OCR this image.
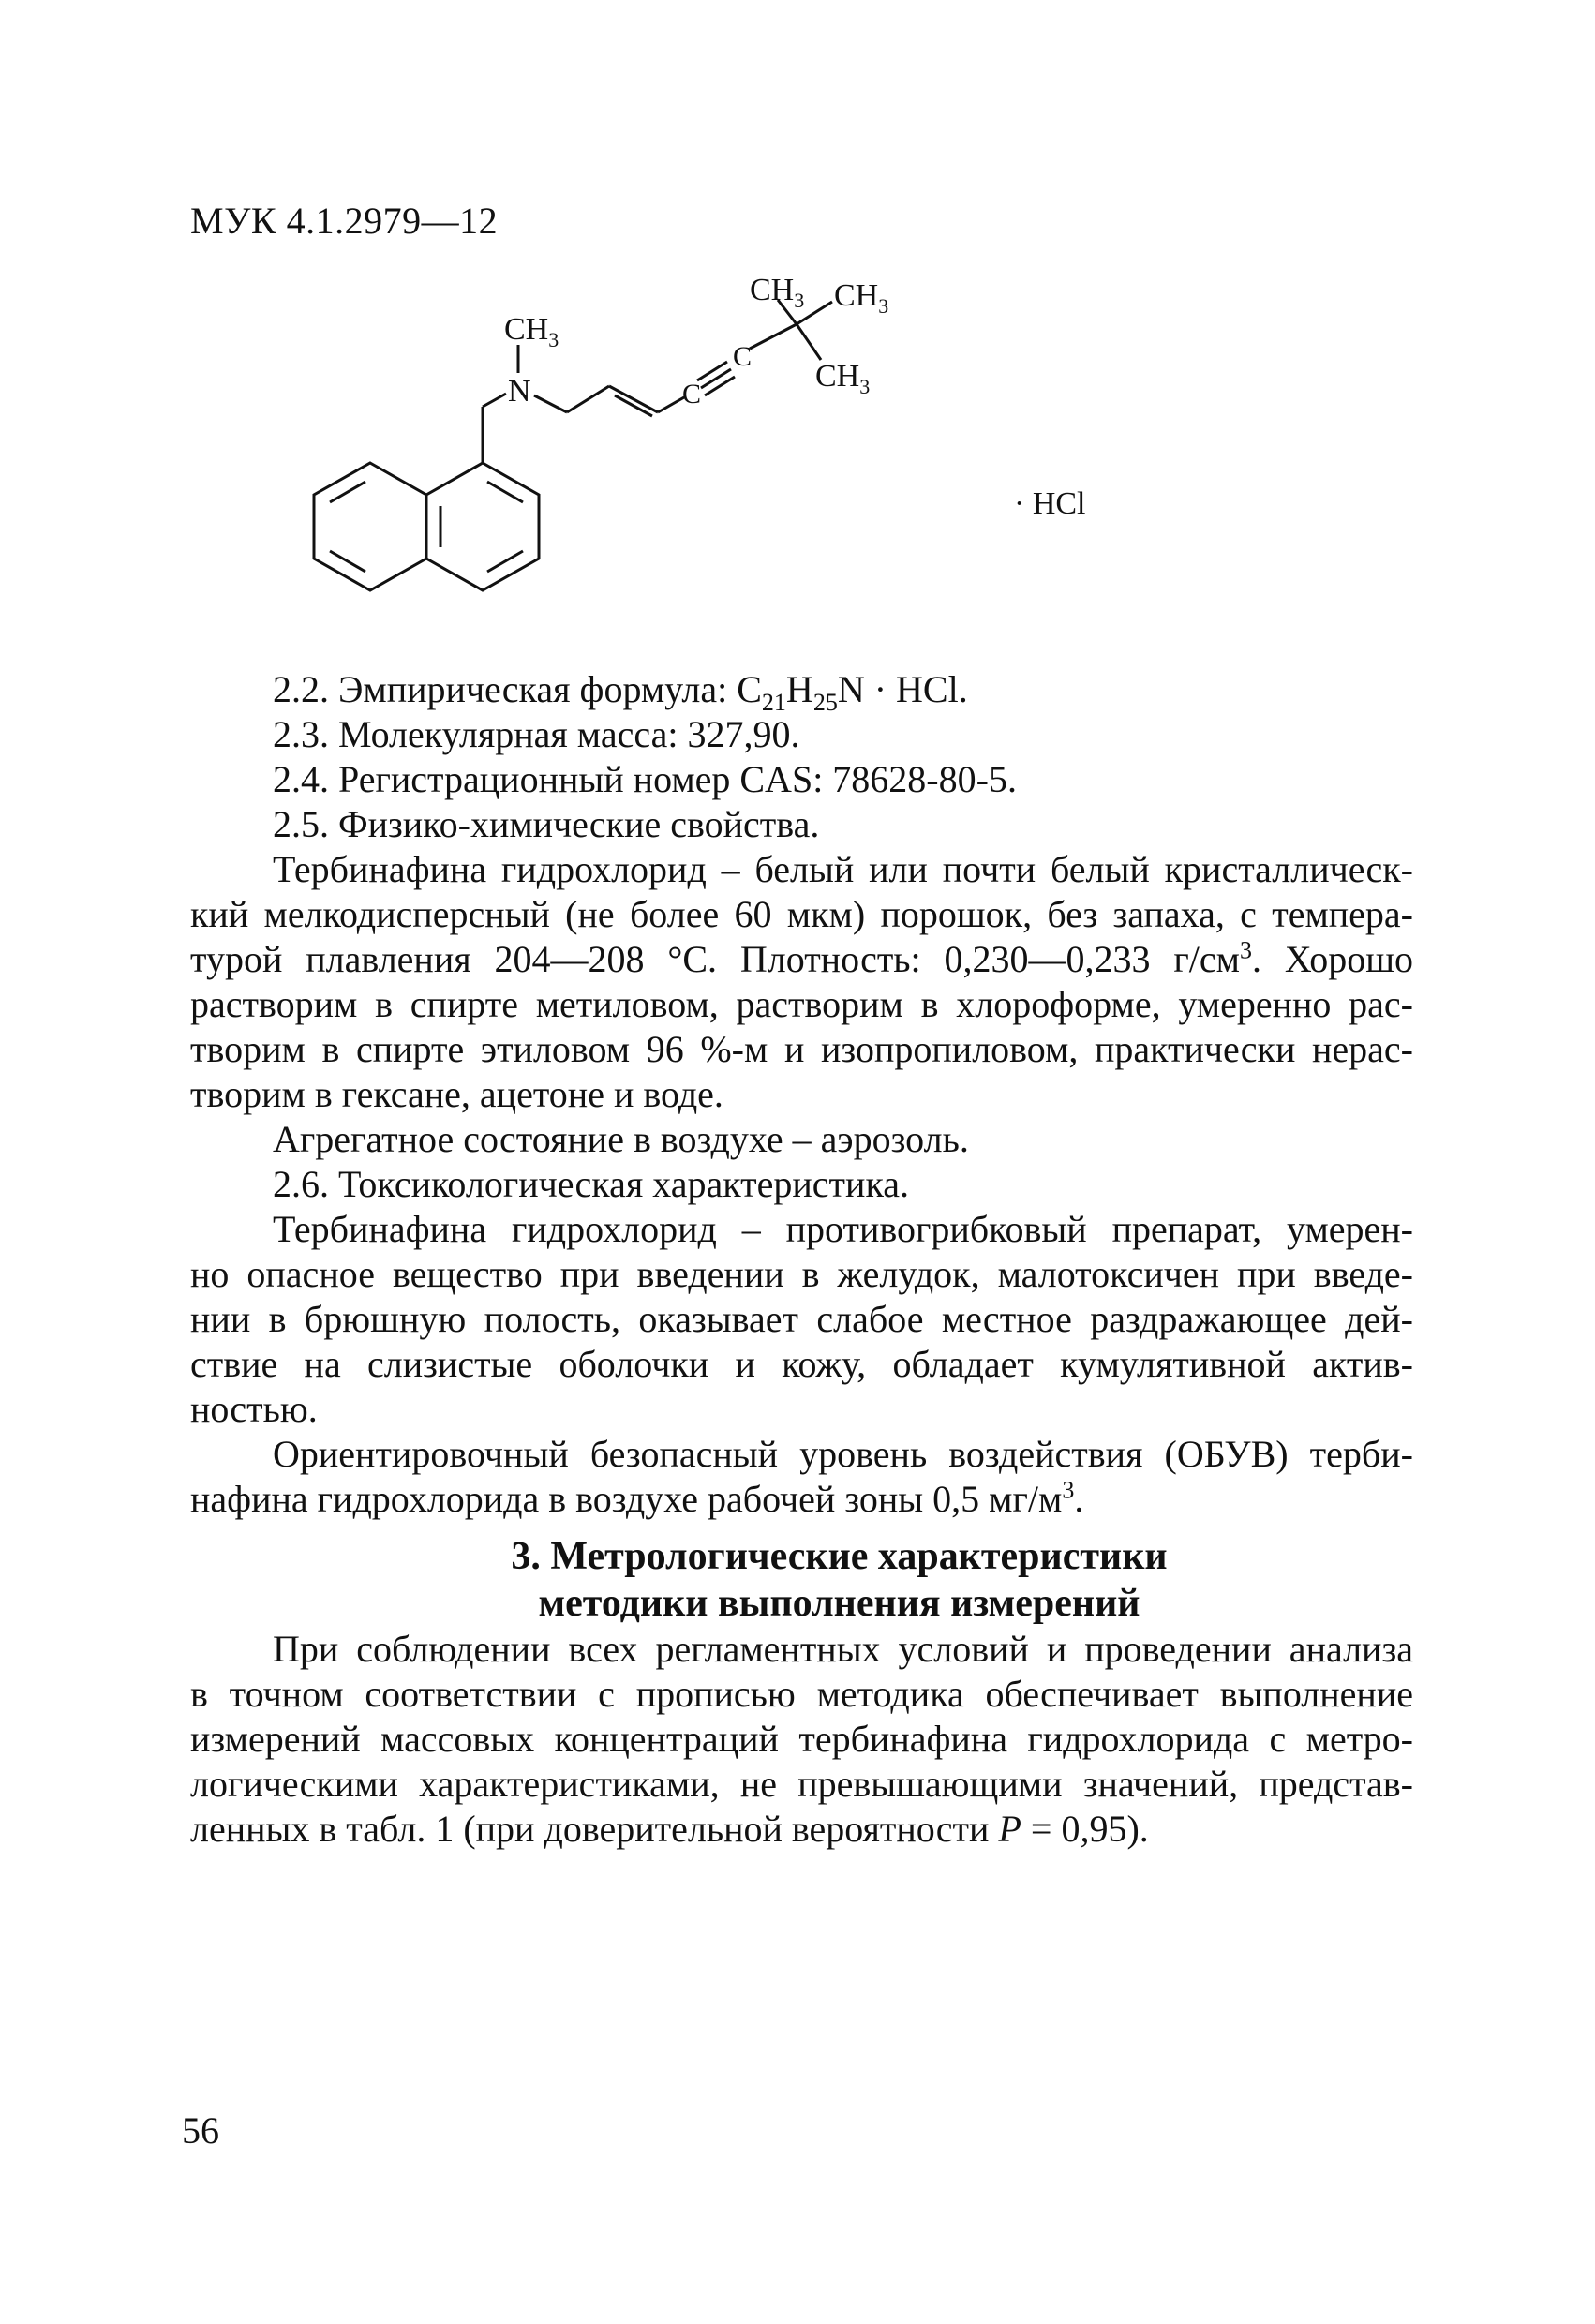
МУК 4.1.2979—12
$CH_3$
N	C
C
$CH_3$ $CH_3$
$CH_3$
· HCl

2.2. Эмпирическая формула: $C_{21}H_{25}N$ · HCl.

2.3. Молекулярная масса: 327,90.

2.4. Регистрационный номер CAS: 78628-80-5.

2.5. Физико-химические свойства.

Тербинафина гидрохлорид – белый или почти белый кристаллическ-

кий мелкодисперсный (не более 60 мкм) порошок, без запаха, с темпера-

турой плавления 204—208 °С. Плотность: 0,230—0,233 $г/см^3$. Хорошо

растворим в спирте метиловом, растворим в хлороформе, умеренно рас-

творим в спирте этиловом 96 %-м и изопропиловом, практически нерас-

творим в гексане, ацетоне и воде.

Агрегатное состояние в воздухе – аэрозоль.

2.6. Токсикологическая характеристика.

Тербинафина гидрохлорид – противогрибковый препарат, умерен-

но опасное вещество при введении в желудок, малотоксичен при введе-

нии в брюшную полость, оказывает слабое местное раздражающее дей-

ствие на слизистые оболочки и кожу, обладает кумулятивной актив-

ностью.

Ориентировочный безопасный уровень воздействия (ОБУВ) терби-

нафина гидрохлорида в воздухе рабочей зоны 0,5 $мг/м^3$.

3. Метрологические характеристики
методики выполнения измерений

При соблюдении всех регламентных условий и проведении анализа

в точном соответствии с прописью методика обеспечивает выполнение

измерений массовых концентраций тербинафина гидрохлорида с метро-

логическими характеристиками, не превышающими значений, представ-

ленных в табл. 1 (при доверительной вероятности P = 0,95).

56
